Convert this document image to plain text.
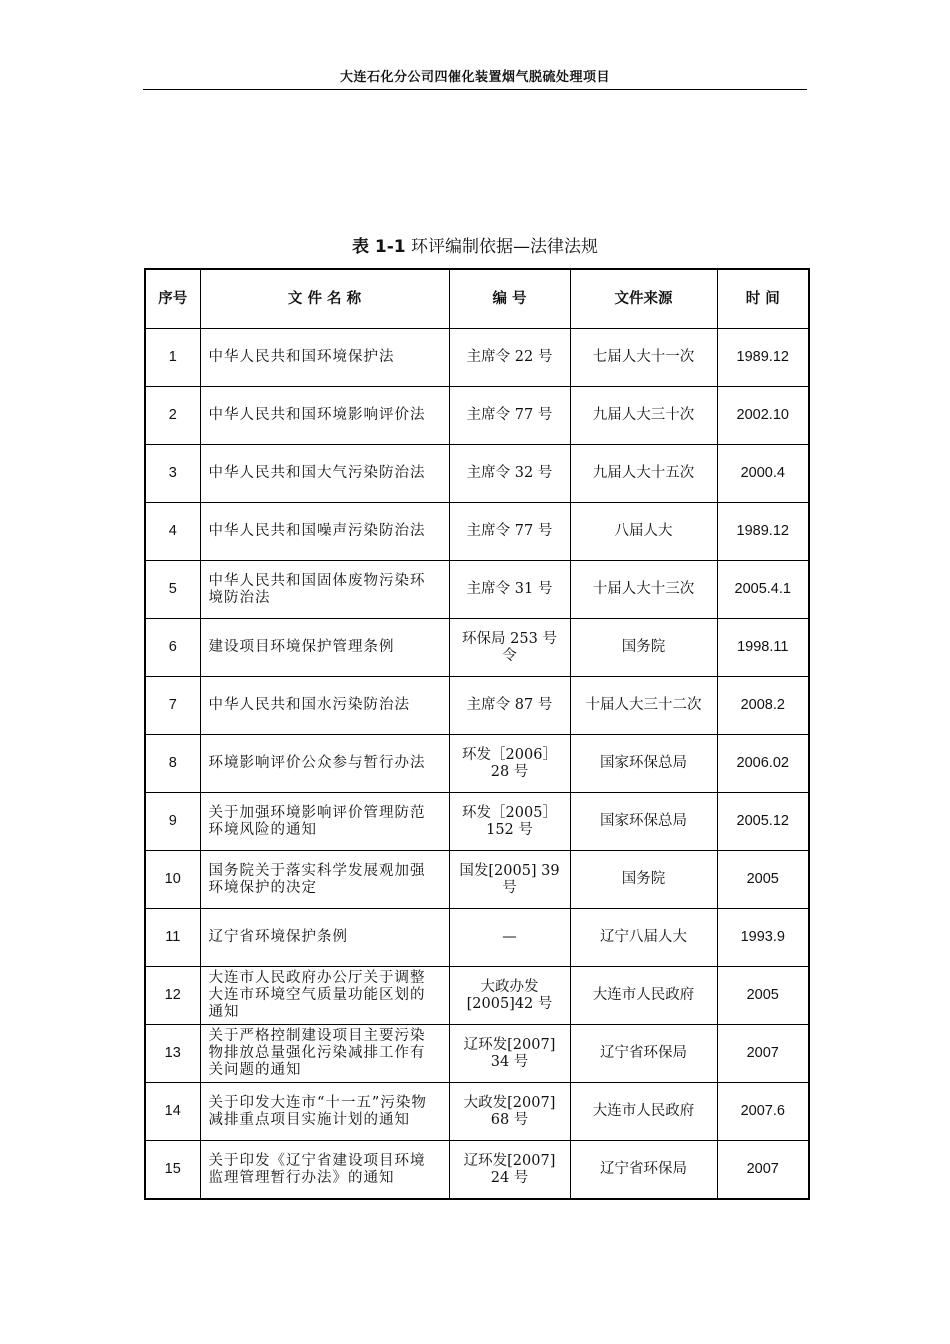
大连石化分公司四催化装置烟气脱硫处理项目
表 1-1 环评编制依据—法律法规
序号	文 件 名 称	编 号	文件来源	时 间
1	中华人民共和国环境保护法	主席令 22 号	七届人大十一次	1989.12
2	中华人民共和国环境影响评价法	主席令 77 号	九届人大三十次	2002.10
3	中华人民共和国大气污染防治法	主席令 32 号	九届人大十五次	2000.4
4	中华人民共和国噪声污染防治法	主席令 77 号	八届人大	1989.12
5	中华人民共和国固体废物污染环境防治法	主席令 31 号	十届人大十三次	2005.4.1
6	建设项目环境保护管理条例	环保局 253 号令	国务院	1998.11
7	中华人民共和国水污染防治法	主席令 87 号	十届人大三十二次	2008.2
8	环境影响评价公众参与暂行办法	环发［2006］28 号	国家环保总局	2006.02
9	关于加强环境影响评价管理防范环境风险的通知	环发［2005］152 号	国家环保总局	2005.12
10	国务院关于落实科学发展观加强环境保护的决定	国发[2005] 39 号	国务院	2005
11	辽宁省环境保护条例	—	辽宁八届人大	1993.9
12	大连市人民政府办公厅关于调整大连市环境空气质量功能区划的通知	大政办发 [2005]42 号	大连市人民政府	2005
13	关于严格控制建设项目主要污染物排放总量强化污染减排工作有关问题的通知	辽环发[2007] 34 号	辽宁省环保局	2007
14	关于印发大连市“十一五”污染物减排重点项目实施计划的通知	大政发[2007] 68 号	大连市人民政府	2007.6
15	关于印发《辽宁省建设项目环境监理管理暂行办法》的通知	辽环发[2007] 24 号	辽宁省环保局	2007
